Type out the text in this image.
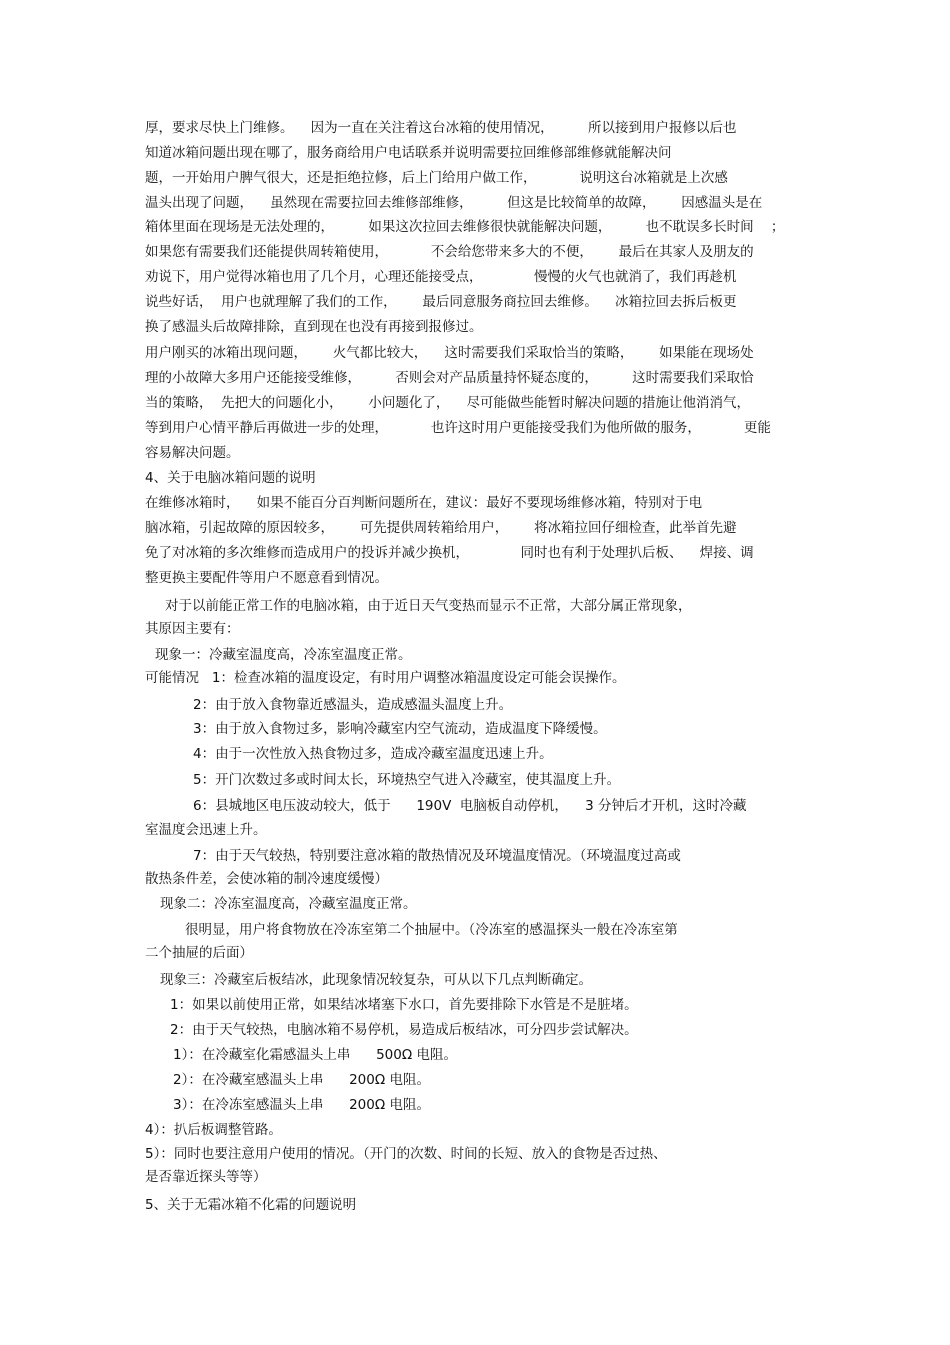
厚，要求尽快上门维修。    因为一直在关注着这台冰箱的使用情况，        所以接到用户报修以后也
知道冰箱问题出现在哪了，服务商给用户电话联系并说明需要拉回维修部维修就能解决问
题，一开始用户脾气很大，还是拒绝拉修，后上门给用户做工作，          说明这台冰箱就是上次感
温头出现了问题，    虽然现在需要拉回去维修部维修，        但这是比较简单的故障，      因感温头是在
箱体里面在现场是无法处理的，        如果这次拉回去维修很快就能解决问题，        也不耽误多长时间    ；
如果您有需要我们还能提供周转箱使用，          不会给您带来多大的不便，      最后在其家人及朋友的
劝说下，用户觉得冰箱也用了几个月，心理还能接受点，            慢慢的火气也就消了，我们再趁机
说些好话，  用户也就理解了我们的工作，      最后同意服务商拉回去维修。    冰箱拉回去拆后板更
换了感温头后故障排除，直到现在也没有再接到报修过。
用户刚买的冰箱出现问题，      火气都比较大，    这时需要我们采取恰当的策略，      如果能在现场处
理的小故障大多用户还能接受维修，        否则会对产品质量持怀疑态度的，        这时需要我们采取恰
当的策略，  先把大的问题化小，      小问题化了，    尽可能做些能暂时解决问题的措施让他消消气，
等到用户心情平静后再做进一步的处理，          也许这时用户更能接受我们为他所做的服务，          更能
容易解决问题。
4、关于电脑冰箱问题的说明
在维修冰箱时，    如果不能百分百判断问题所在，建议：最好不要现场维修冰箱，特别对于电
脑冰箱，引起故障的原因较多，      可先提供周转箱给用户，      将冰箱拉回仔细检查，此举首先避
免了对冰箱的多次维修而造成用户的投诉并减少换机，            同时也有利于处理扒后板、    焊接、调
整更换主要配件等用户不愿意看到情况。
对于以前能正常工作的电脑冰箱，由于近日天气变热而显示不正常，大部分属正常现象，
其原因主要有：
现象一：冷藏室温度高，冷冻室温度正常。
可能情况   1：检查冰箱的温度设定，有时用户调整冰箱温度设定可能会误操作。
2：由于放入食物靠近感温头，造成感温头温度上升。
3：由于放入食物过多，影响冷藏室内空气流动，造成温度下降缓慢。
4：由于一次性放入热食物过多，造成冷藏室温度迅速上升。
5：开门次数过多或时间太长，环境热空气进入冷藏室，使其温度上升。
6：县城地区电压波动较大，低于      190V  电脑板自动停机，    3 分钟后才开机，这时冷藏
室温度会迅速上升。
7：由于天气较热，特别要注意冰箱的散热情况及环境温度情况。（环境温度过高或
散热条件差，会使冰箱的制冷速度缓慢）
现象二：冷冻室温度高，冷藏室温度正常。
很明显，用户将食物放在冷冻室第二个抽屉中。（冷冻室的感温探头一般在冷冻室第
二个抽屉的后面）
现象三：冷藏室后板结冰，此现象情况较复杂，可从以下几点判断确定。
1：如果以前使用正常，如果结冰堵塞下水口，首先要排除下水管是不是脏堵。
2：由于天气较热，电脑冰箱不易停机，易造成后板结冰，可分四步尝试解决。
1）：在冷藏室化霜感温头上串      500Ω 电阻。
2）：在冷藏室感温头上串      200Ω 电阻。
3）：在冷冻室感温头上串      200Ω 电阻。
4）：扒后板调整管路。
5）：同时也要注意用户使用的情况。（开门的次数、时间的长短、放入的食物是否过热、
是否靠近探头等等）
5、关于无霜冰箱不化霜的问题说明
